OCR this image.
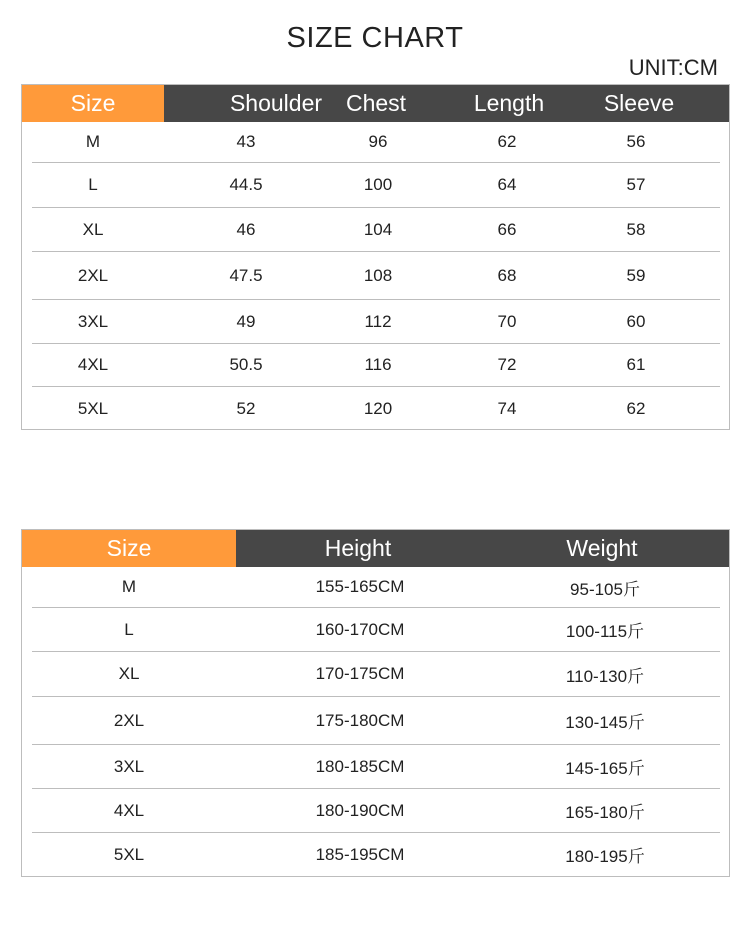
SIZE CHART
UNIT:CM
Size	Shoulder	Chest	Length	Sleeve
M	43	96	62	56
L	44.5	100	64	57
XL	46	104	66	58
2XL	47.5	108	68	59
3XL	49	112	70	60
4XL	50.5	116	72	61
5XL	52	120	74	62
Size	Height	Weight
M	155-165CM	95-105斤
L	160-170CM	100-115斤
XL	170-175CM	110-130斤
2XL	175-180CM	130-145斤
3XL	180-185CM	145-165斤
4XL	180-190CM	165-180斤
5XL	185-195CM	180-195斤
